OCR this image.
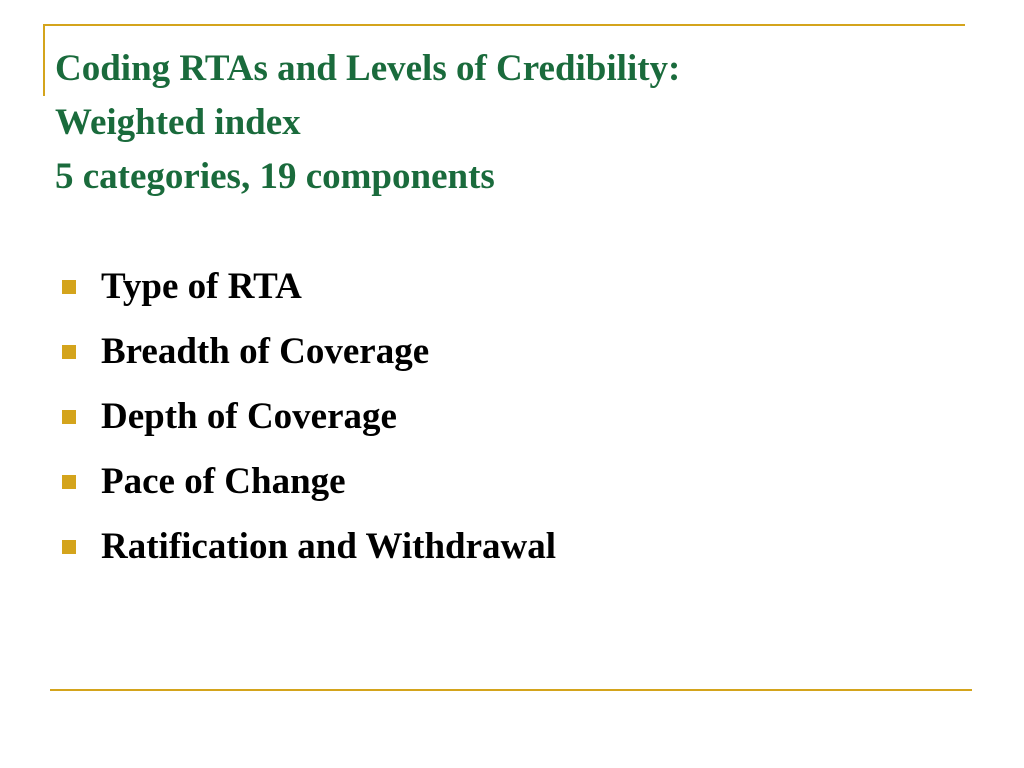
Coding RTAs and Levels of Credibility:
Weighted index
5 categories, 19 components
Type of RTA
Breadth of Coverage
Depth of Coverage
Pace of Change
Ratification and Withdrawal
